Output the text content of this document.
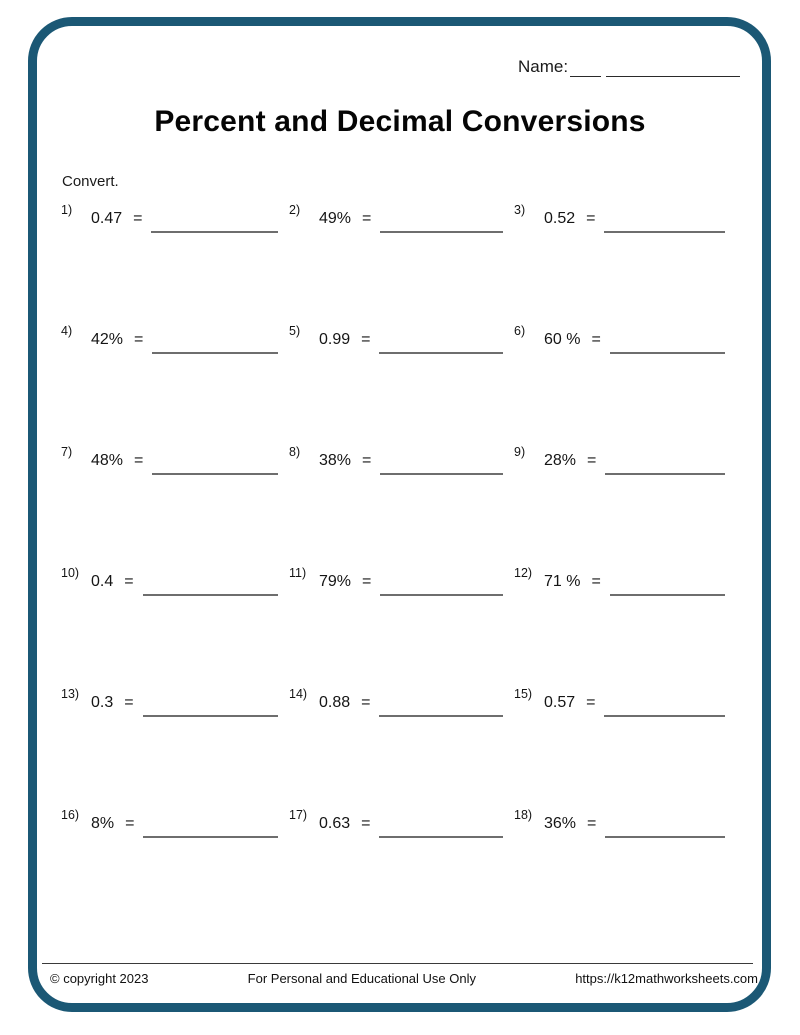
Name:
Percent and Decimal Conversions
Convert.
1) 0.47 =	2) 49% =	3) 0.52 =
4) 42% =	5) 0.99 =	6) 60 % =
7) 48% =	8) 38% =	9) 28% =
10) 0.4 =	11) 79% =	12) 71 % =
13) 0.3 =	14) 0.88 =	15) 0.57 =
16) 8% =	17) 0.63 =	18) 36% =
© copyright 2023	For Personal and Educational Use Only	https://k12mathworksheets.com
